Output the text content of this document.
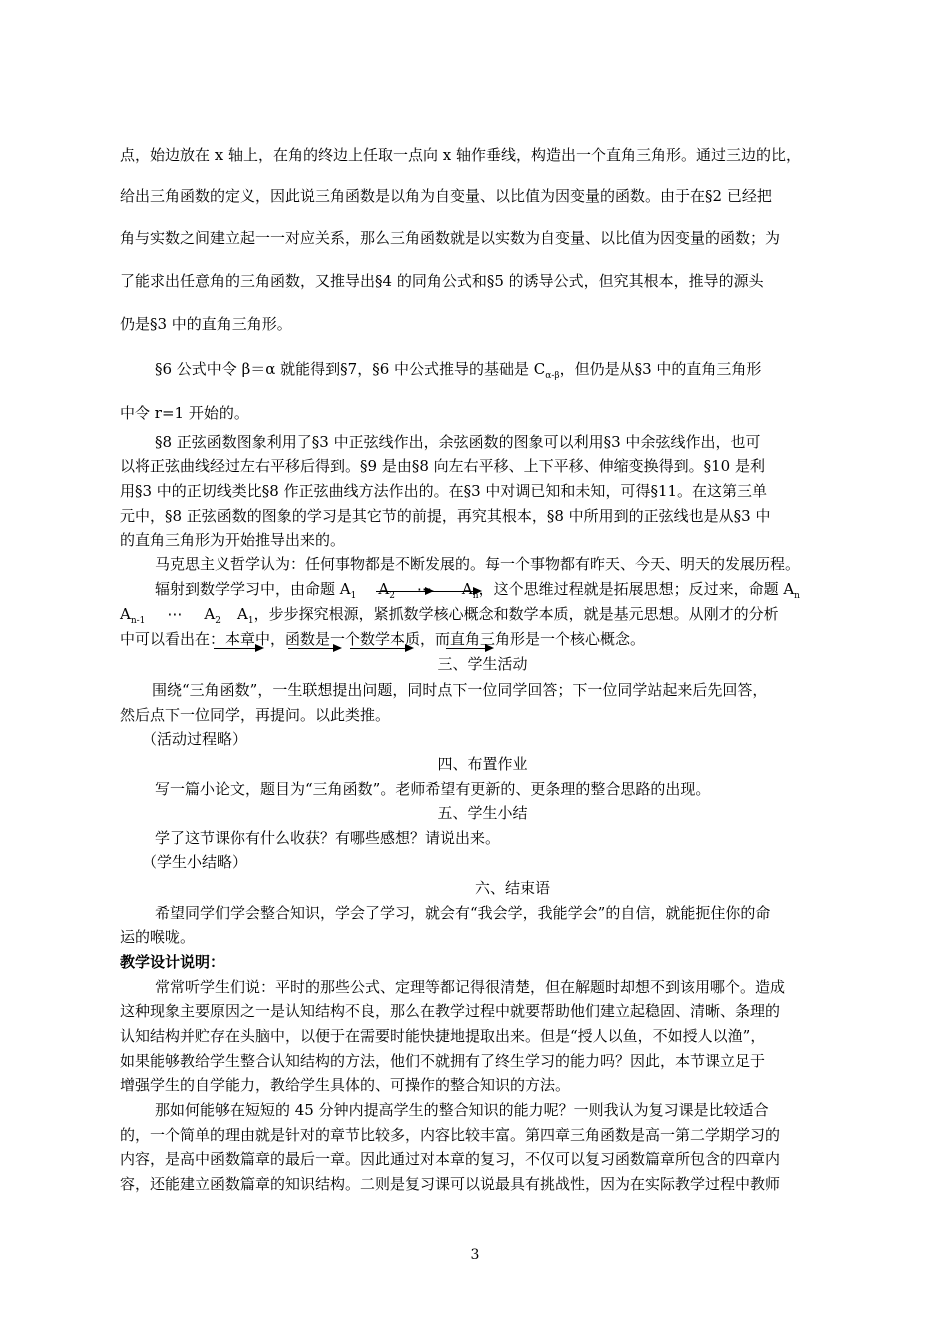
点，始边放在 x 轴上，在角的终边上任取一点向 x 轴作垂线，构造出一个直角三角形。通过三边的比，
给出三角函数的定义，因此说三角函数是以角为自变量、以比值为因变量的函数。由于在§2 已经把
角与实数之间建立起一一对应关系，那么三角函数就是以实数为自变量、以比值为因变量的函数；为
了能求出任意角的三角函数，又推导出§4 的同角公式和§5 的诱导公式，但究其根本，推导的源头
仍是§3 中的直角三角形。
§6 公式中令 β＝α 就能得到§7，§6 中公式推导的基础是 $C_{\alpha-\beta}$，但仍是从§3 中的直角三角形
中令 r=1 开始的。
§8 正弦函数图象利用了§3 中正弦线作出，余弦函数的图象可以利用§3 中余弦线作出，也可
以将正弦曲线经过左右平移后得到。§9 是由§8 向左右平移、上下平移、伸缩变换得到。§10 是利
用§3 中的正切线类比§8 作正弦曲线方法作出的。在§3 中对调已知和未知，可得§11。在这第三单
元中，§8 正弦函数的图象的学习是其它节的前提，再究其根本，§8 中所用到的正弦线也是从§3 中
的直角三角形为开始推导出来的。
马克思主义哲学认为：任何事物都是不断发展的。每一个事物都有昨天、今天、明天的发展历程。
辐射到数学学习中，由命题 $A_1$ $A_2$ ⋯ $A_n$，这个思维过程就是拓展思想；反过来，命题 $A_n$
$A_{n-1}$ ⋯ $A_2$ $A_1$，步步探究根源，紧抓数学核心概念和数学本质，就是基元思想。从刚才的分析
中可以看出在：本章中，函数是一个数学本质，而直角三角形是一个核心概念。
三、学生活动
围绕“三角函数”，一生联想提出问题，同时点下一位同学回答；下一位同学站起来后先回答，
然后点下一位同学，再提问。以此类推。
（活动过程略）
四、布置作业
写一篇小论文，题目为“三角函数”。老师希望有更新的、更条理的整合思路的出现。
五、学生小结
学了这节课你有什么收获？有哪些感想？请说出来。
（学生小结略）
六、结束语
希望同学们学会整合知识，学会了学习，就会有“我会学，我能学会”的自信，就能扼住你的命
运的喉咙。
教学设计说明：
常常听学生们说：平时的那些公式、定理等都记得很清楚，但在解题时却想不到该用哪个。造成
这种现象主要原因之一是认知结构不良，那么在教学过程中就要帮助他们建立起稳固、清晰、条理的
认知结构并贮存在头脑中，以便于在需要时能快捷地提取出来。但是“授人以鱼，不如授人以渔”，
如果能够教给学生整合认知结构的方法，他们不就拥有了终生学习的能力吗？因此，本节课立足于
增强学生的自学能力，教给学生具体的、可操作的整合知识的方法。
那如何能够在短短的 45 分钟内提高学生的整合知识的能力呢？一则我认为复习课是比较适合
的，一个简单的理由就是针对的章节比较多，内容比较丰富。第四章三角函数是高一第二学期学习的
内容，是高中函数篇章的最后一章。因此通过对本章的复习，不仅可以复习函数篇章所包含的四章内
容，还能建立函数篇章的知识结构。二则是复习课可以说最具有挑战性，因为在实际教学过程中教师
3
